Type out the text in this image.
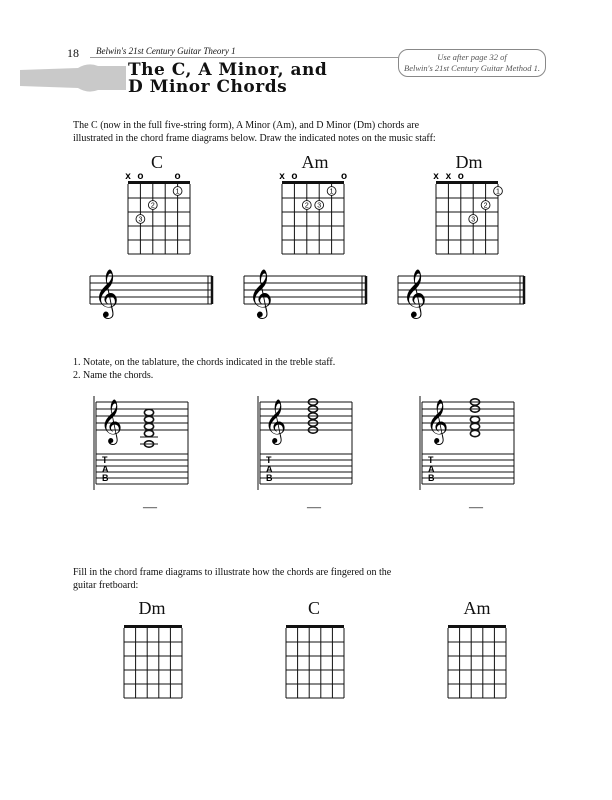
18 Belwin's 21st Century Guitar Theory 1
Use after page 32 of
Belwin's 21st Century Guitar Method 1.
The C, A Minor, and
D Minor Chords
The C (now in the full five-string form), A Minor (Am), and D Minor (Dm) chords are
illustrated in the chord frame diagrams below. Draw the indicated notes on the music staff:
C	Am	Dm
x o	o
1
2
3
x o	o
1
2 3
x x o
1
2
3
𝄞	𝄞	𝄞
1. Notate, on the tablature, the chords indicated in the treble staff.
2. Name the chords.
𝄞
T
A
B
—
𝄞
T
A
B
—
𝄞
T
A
B
—
Fill in the chord frame diagrams to illustrate how the chords are fingered on the
guitar fretboard:
Dm	C	Am
